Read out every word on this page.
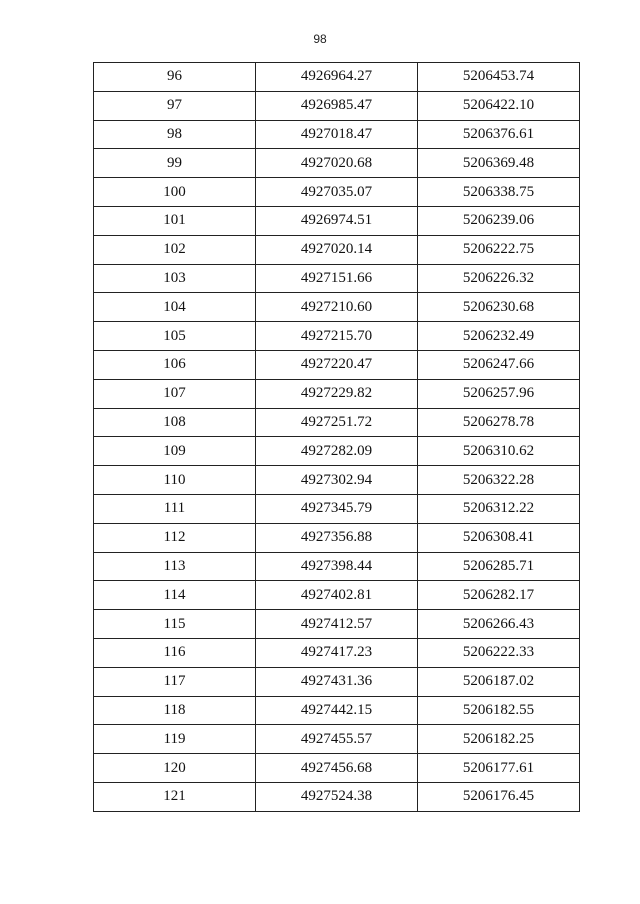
98
96	4926964.27	5206453.74
97	4926985.47	5206422.10
98	4927018.47	5206376.61
99	4927020.68	5206369.48
100	4927035.07	5206338.75
101	4926974.51	5206239.06
102	4927020.14	5206222.75
103	4927151.66	5206226.32
104	4927210.60	5206230.68
105	4927215.70	5206232.49
106	4927220.47	5206247.66
107	4927229.82	5206257.96
108	4927251.72	5206278.78
109	4927282.09	5206310.62
110	4927302.94	5206322.28
111	4927345.79	5206312.22
112	4927356.88	5206308.41
113	4927398.44	5206285.71
114	4927402.81	5206282.17
115	4927412.57	5206266.43
116	4927417.23	5206222.33
117	4927431.36	5206187.02
118	4927442.15	5206182.55
119	4927455.57	5206182.25
120	4927456.68	5206177.61
121	4927524.38	5206176.45
